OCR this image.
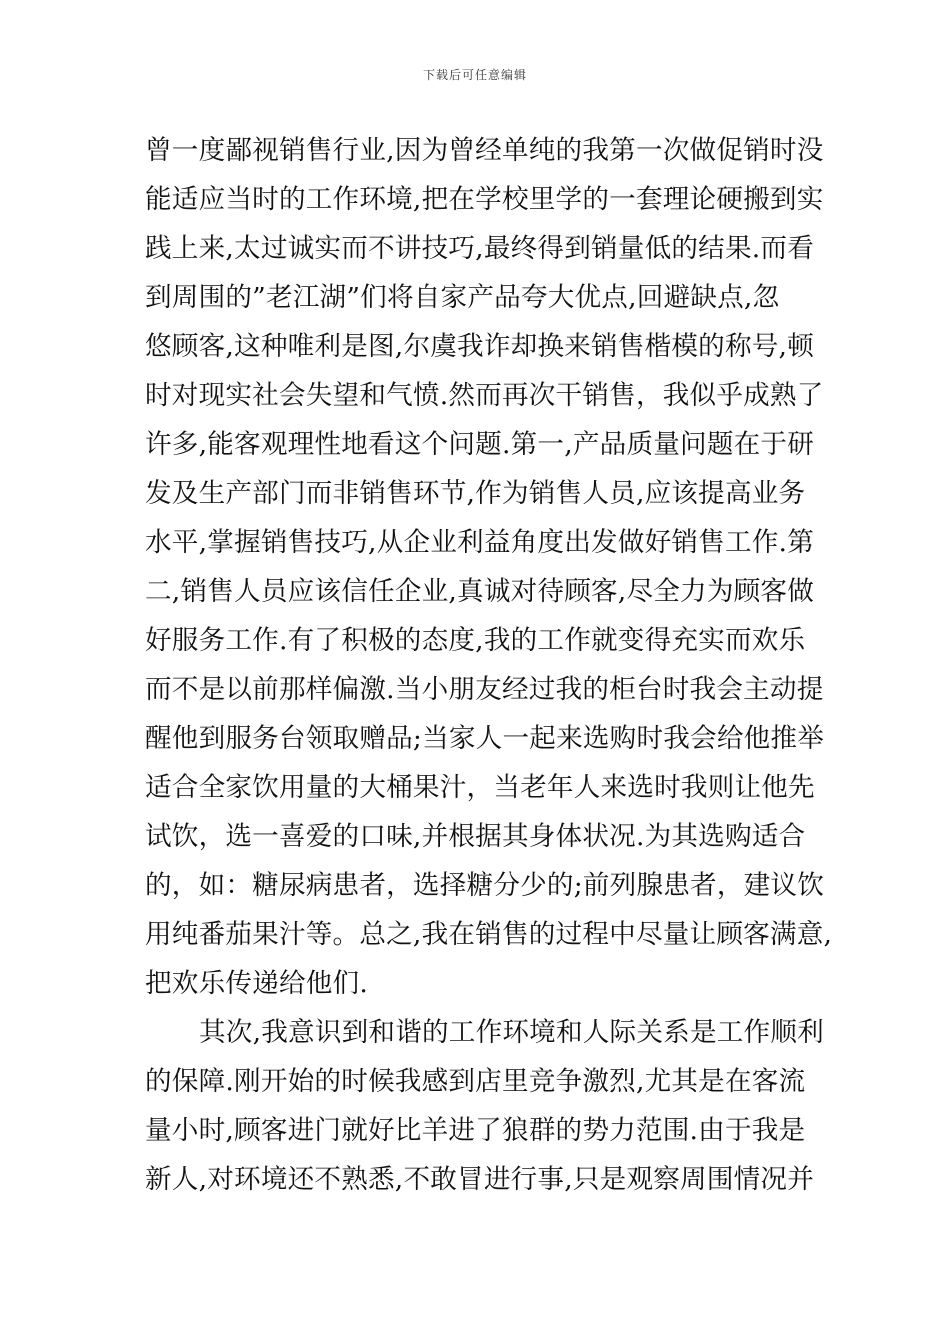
下载后可任意编辑
曾一度鄙视销售行业,因为曾经单纯的我第一次做促销时没
能适应当时的工作环境,把在学校里学的一套理论硬搬到实
践上来,太过诚实而不讲技巧,最终得到销量低的结果.而看
到周围的”老江湖”们将自家产品夸大优点,回避缺点,忽
悠顾客,这种唯利是图,尔虞我诈却换来销售楷模的称号,顿
时对现实社会失望和气愤.然而再次干销售，我似乎成熟了
许多,能客观理性地看这个问题.第一,产品质量问题在于研
发及生产部门而非销售环节,作为销售人员,应该提高业务
水平,掌握销售技巧,从企业利益角度出发做好销售工作.第
二,销售人员应该信任企业,真诚对待顾客,尽全力为顾客做
好服务工作.有了积极的态度,我的工作就变得充实而欢乐
而不是以前那样偏激.当小朋友经过我的柜台时我会主动提
醒他到服务台领取赠品;当家人一起来选购时我会给他推举
适合全家饮用量的大桶果汁，当老年人来选时我则让他先
试饮，选一喜爱的口味,并根据其身体状况.为其选购适合
的，如：糖尿病患者，选择糖分少的;前列腺患者，建议饮
用纯番茄果汁等。总之,我在销售的过程中尽量让顾客满意,
把欢乐传递给他们.
其次,我意识到和谐的工作环境和人际关系是工作顺利
的保障.刚开始的时候我感到店里竞争激烈,尤其是在客流
量小时,顾客进门就好比羊进了狼群的势力范围.由于我是
新人,对环境还不熟悉,不敢冒进行事,只是观察周围情况并
